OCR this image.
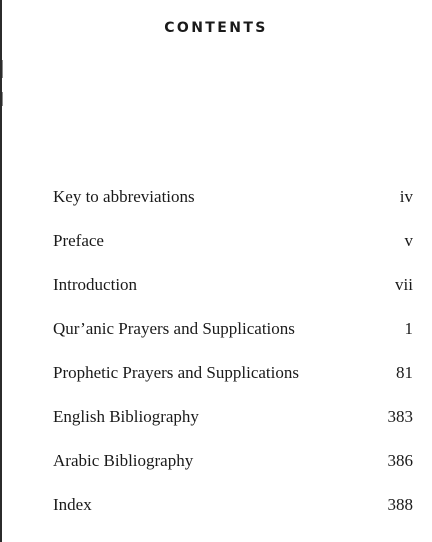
CONTENTS
Key to abbreviations	iv
Preface	v
Introduction	vii
Qur’anic Prayers and Supplications	1
Prophetic Prayers and Supplications	81
English Bibliography	383
Arabic Bibliography	386
Index	388
